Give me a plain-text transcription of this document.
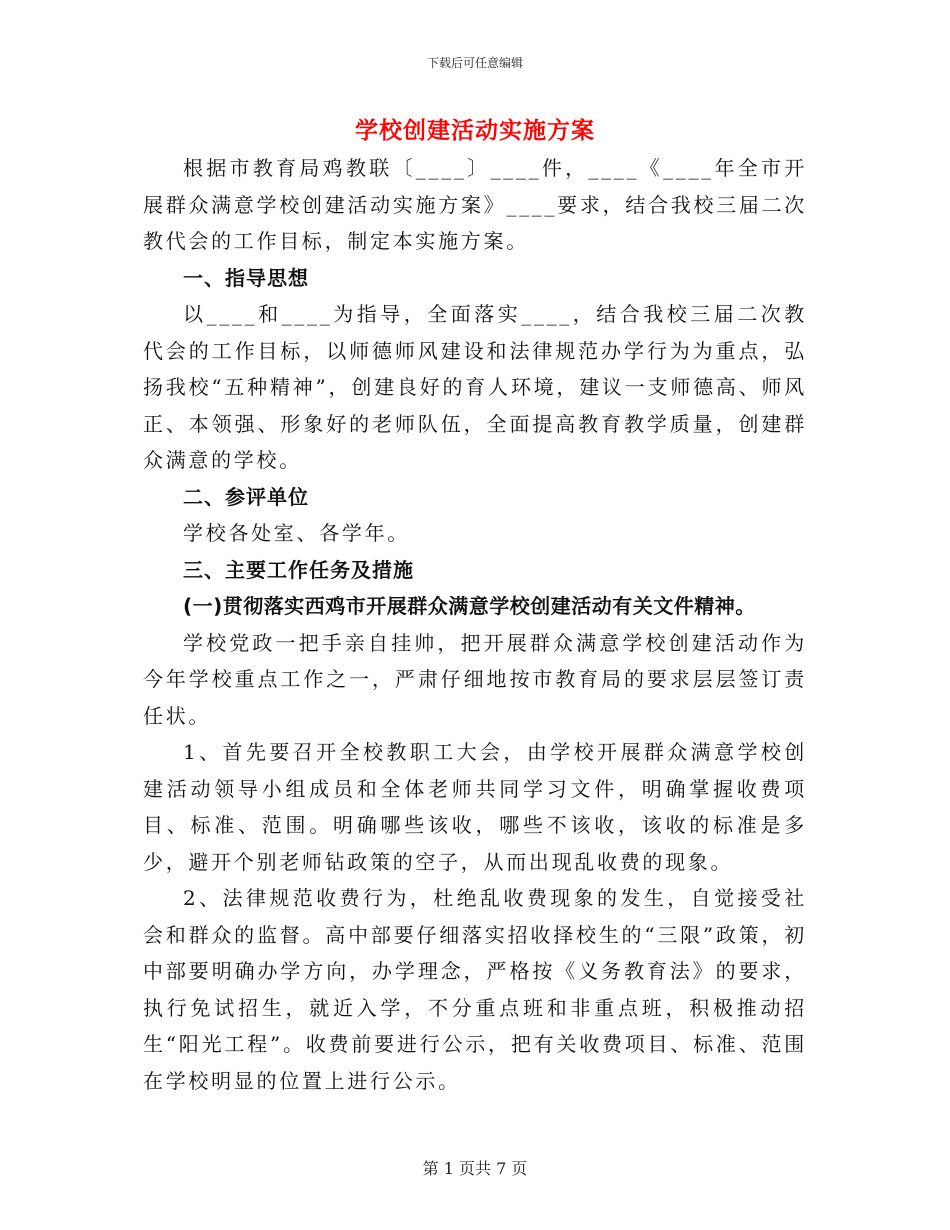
下载后可任意编辑
学校创建活动实施方案

根据市教育局鸡教联〔____〕____件，____《____年全市开展群众满意学校创建活动实施方案》____要求，结合我校三届二次教代会的工作目标，制定本实施方案。

一、指导思想

以____和____为指导，全面落实____，结合我校三届二次教代会的工作目标，以师德师风建设和法律规范办学行为为重点，弘扬我校“五种精神”，创建良好的育人环境，建议一支师德高、师风正、本领强、形象好的老师队伍，全面提高教育教学质量，创建群众满意的学校。

二、参评单位

学校各处室、各学年。

三、主要工作任务及措施
(一)贯彻落实西鸡市开展群众满意学校创建活动有关文件精神。

学校党政一把手亲自挂帅，把开展群众满意学校创建活动作为今年学校重点工作之一，严肃仔细地按市教育局的要求层层签订责任状。

1、首先要召开全校教职工大会，由学校开展群众满意学校创建活动领导小组成员和全体老师共同学习文件，明确掌握收费项目、标准、范围。明确哪些该收，哪些不该收，该收的标准是多少，避开个别老师钻政策的空子，从而出现乱收费的现象。

2、法律规范收费行为，杜绝乱收费现象的发生，自觉接受社会和群众的监督。高中部要仔细落实招收择校生的“三限”政策，初中部要明确办学方向，办学理念，严格按《义务教育法》的要求，执行免试招生，就近入学，不分重点班和非重点班，积极推动招生“阳光工程”。收费前要进行公示，把有关收费项目、标准、范围在学校明显的位置上进行公示。

第 1 页共 7 页
